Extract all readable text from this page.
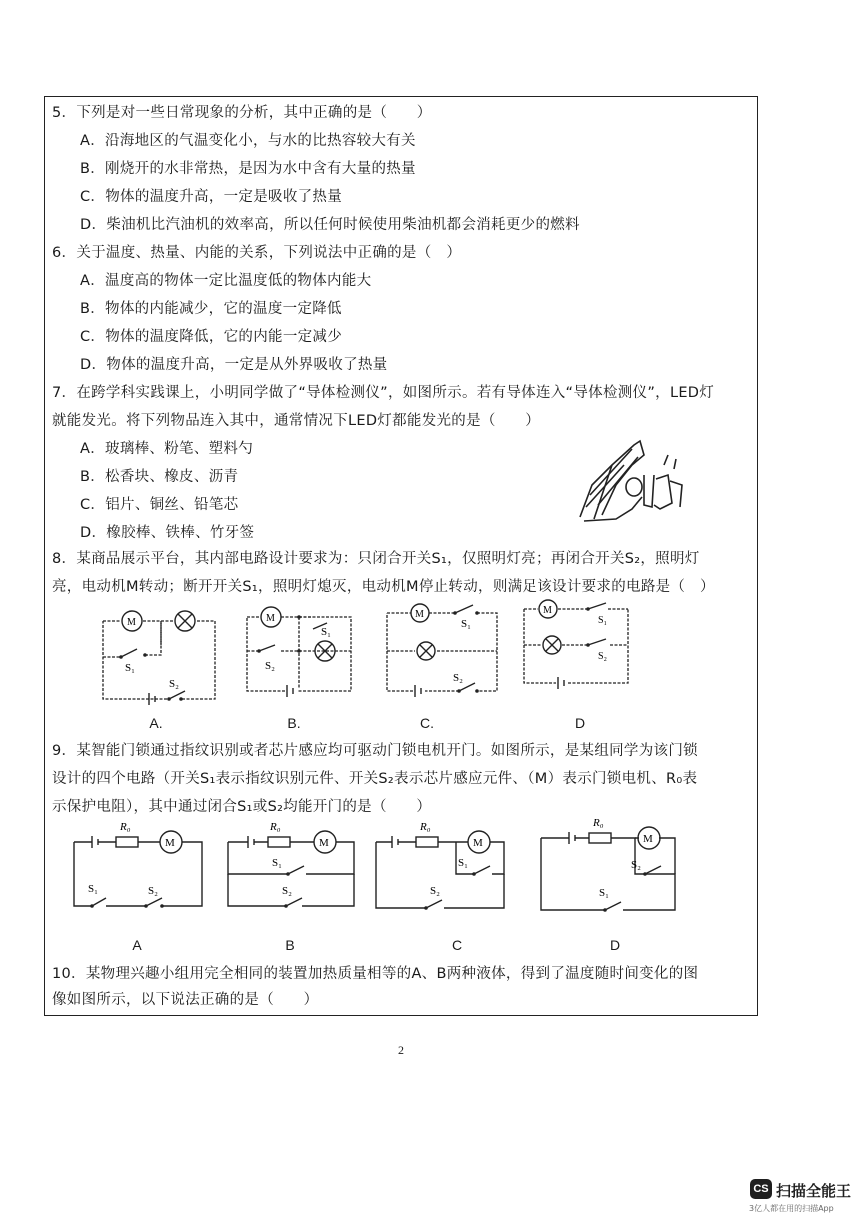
5．下列是对一些日常现象的分析，其中正确的是（　　）
A．沿海地区的气温变化小，与水的比热容较大有关
B．刚烧开的水非常热，是因为水中含有大量的热量
C．物体的温度升高，一定是吸收了热量
D．柴油机比汽油机的效率高，所以任何时候使用柴油机都会消耗更少的燃料
6．关于温度、热量、内能的关系，下列说法中正确的是（　）
A．温度高的物体一定比温度低的物体内能大
B．物体的内能减少，它的温度一定降低
C．物体的温度降低，它的内能一定减少
D．物体的温度升高，一定是从外界吸收了热量
7．在跨学科实践课上，小明同学做了“导体检测仪”，如图所示。若有导体连入“导体检测仪”，LED灯
就能发光。将下列物品连入其中，通常情况下LED灯都能发光的是（　　）
A．玻璃棒、粉笔、塑料勺
B．松香块、橡皮、沥青
C．铝片、铜丝、铅笔芯
D．橡胶棒、铁棒、竹牙签
8．某商品展示平台，其内部电路设计要求为：只闭合开关S₁，仅照明灯亮；再闭合开关S₂，照明灯
亮，电动机M转动；断开开关S₁，照明灯熄灭，电动机M停止转动，则满足该设计要求的电路是（　）
M
S₁
S₂
A.
M
S₁
S₂
B.
M
S₁
S₂
C.
M
S₁
S₂
D
9．某智能门锁通过指纹识别或者芯片感应均可驱动门锁电机开门。如图所示，是某组同学为该门锁
设计的四个电路（开关S₁表示指纹识别元件、开关S₂表示芯片感应元件、（M）表示门锁电机、R₀表
示保护电阻），其中通过闭合S₁或S₂均能开门的是（　　）
M
R₀
S₁	S₂
A
M
R₀
S₁
S₂
B
M
R₀
S₁
S₂
C
M
R₀
S₂
S₁
D
10．某物理兴趣小组用完全相同的装置加热质量相等的A、B两种液体，得到了温度随时间变化的图
像如图所示，以下说法正确的是（　　）
2
CS 扫描全能王
3亿人都在用的扫描App
